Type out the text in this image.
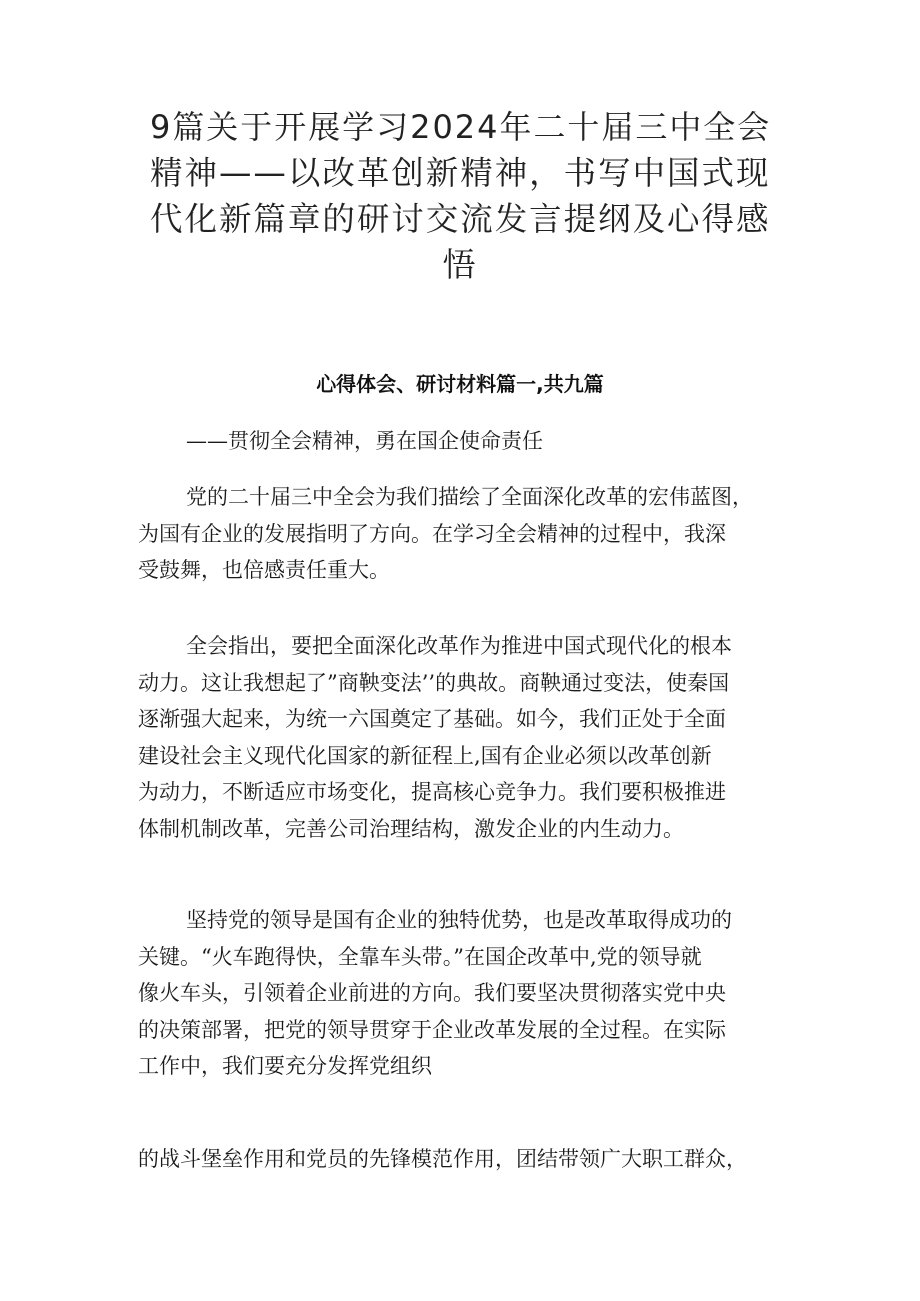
9篇关于开展学习2024年二十届三中全会
精神——以改革创新精神，书写中国式现
代化新篇章的研讨交流发言提纲及心得感
悟
心得体会、研讨材料篇一,共九篇
——贯彻全会精神，勇在国企使命责任
党的二十届三中全会为我们描绘了全面深化改革的宏伟蓝图，
为国有企业的发展指明了方向。在学习全会精神的过程中，我深
受鼓舞，也倍感责任重大。
全会指出，要把全面深化改革作为推进中国式现代化的根本
动力。这让我想起了”商鞅变法’’的典故。商鞅通过变法，使秦国
逐渐强大起来，为统一六国奠定了基础。如今，我们正处于全面
建设社会主义现代化国家的新征程上,国有企业必须以改革创新
为动力，不断适应市场变化，提高核心竞争力。我们要积极推进
体制机制改革，完善公司治理结构，激发企业的内生动力。
坚持党的领导是国有企业的独特优势，也是改革取得成功的
关键。“火车跑得快，全靠车头带。”在国企改革中,党的领导就
像火车头，引领着企业前进的方向。我们要坚决贯彻落实党中央
的决策部署，把党的领导贯穿于企业改革发展的全过程。在实际
工作中，我们要充分发挥党组织
的战斗堡垒作用和党员的先锋模范作用，团结带领广大职工群众，
